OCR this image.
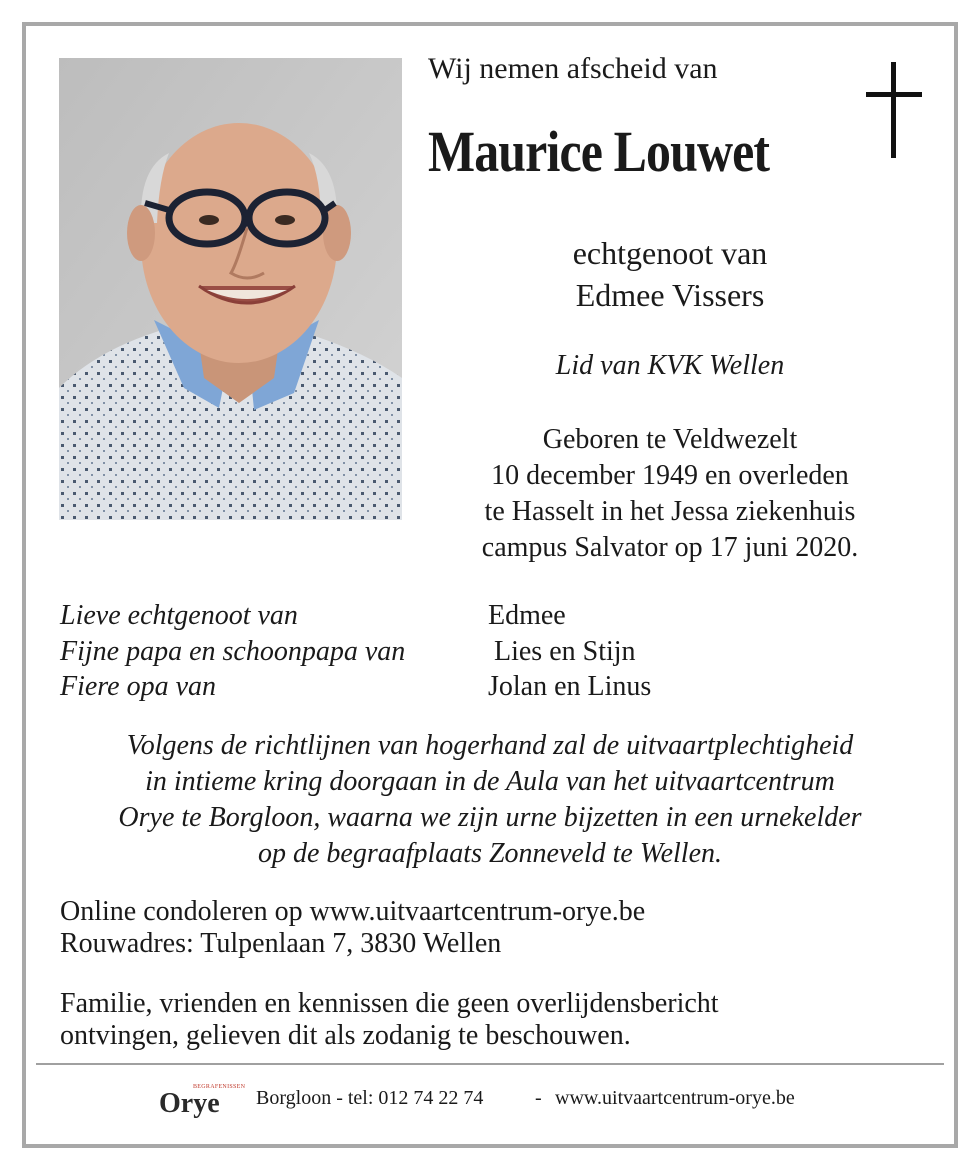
Wij nemen afscheid van

Maurice Louwet
echtgenoot van
Edmee Vissers
Lid van KVK Wellen
Geboren te Veldwezelt
10 december 1949 en overleden
te Hasselt in het Jessa ziekenhuis
campus Salvator op 17 juni 2020.
Lieve echtgenoot van	Edmee
Fijne papa en schoonpapa van	Lies en Stijn
Fiere opa van	Jolan en Linus
Volgens de richtlijnen van hogerhand zal de uitvaartplechtigheid
in intieme kring doorgaan in de Aula van het uitvaartcentrum
Orye te Borgloon, waarna we zijn urne bijzetten in een urnekelder
op de begraafplaats Zonneveld te Wellen.
Online condoleren op www.uitvaartcentrum-orye.be
Rouwadres: Tulpenlaan 7, 3830 Wellen
Familie, vrienden en kennissen die geen overlijdensbericht
ontvingen, gelieven dit als zodanig te beschouwen.
BEGRAFENISSEN
Orye Borgloon - tel: 012 74 22 74	- www.uitvaartcentrum-orye.be
